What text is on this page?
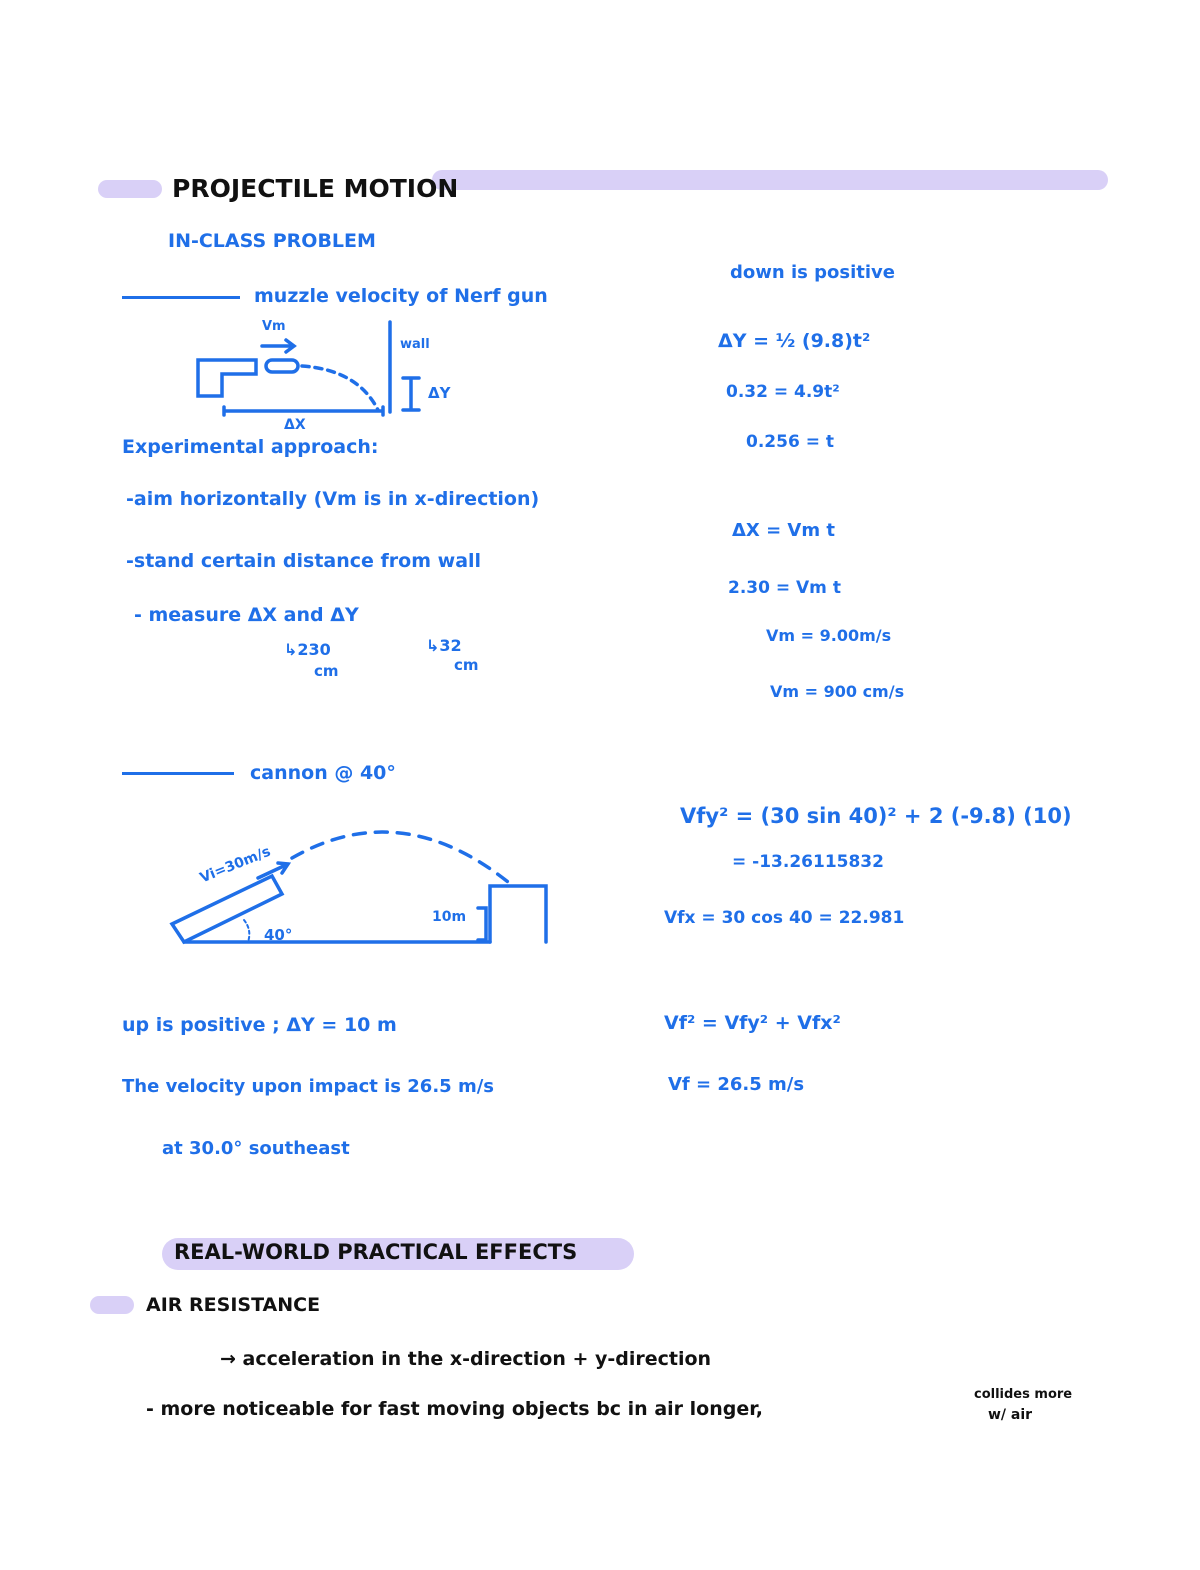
PROJECTILE MOTION
IN-CLASS PROBLEM
muzzle velocity of Nerf gun
Vm
wall
ΔY
ΔX
Experimental approach:
-aim horizontally (Vm is in x-direction)
-stand certain distance from wall
- measure ΔX and ΔY
↳230
cm
↳32
cm
down is positive
ΔY = ½ (9.8)t²
0.32 = 4.9t²
0.256 = t
ΔX = Vm t
2.30 = Vm t
Vm = 9.00m/s
Vm = 900 cm/s
cannon @ 40°
Vi=30m/s
40°
10m
up is positive ; ΔY = 10 m
The velocity upon impact is 26.5 m/s
at 30.0° southeast
Vfy² = (30 sin 40)² + 2 (-9.8) (10)
= -13.26115832
Vfx = 30 cos 40 = 22.981
Vf² = Vfy² + Vfx²
Vf = 26.5 m/s
REAL-WORLD PRACTICAL EFFECTS
AIR RESISTANCE
→ acceleration in the x-direction + y-direction
- more noticeable for fast moving objects bc in air longer,
collides more
w/ air
